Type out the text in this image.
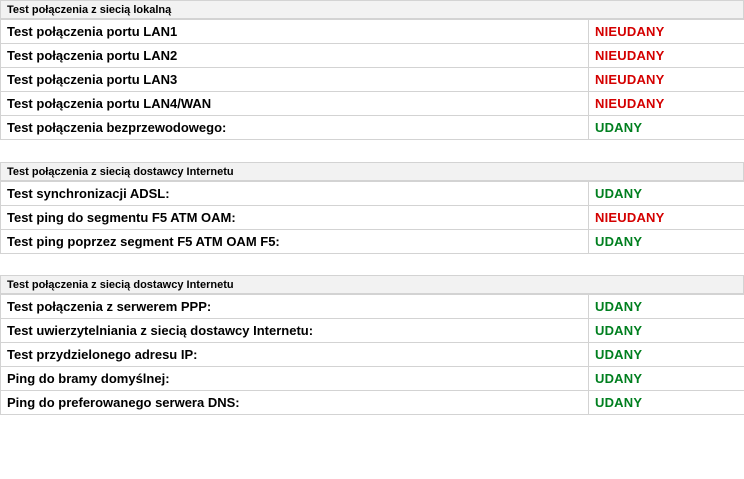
Test połączenia z siecią lokalną
Test połączenia portu LAN1	NIEUDANY
Test połączenia portu LAN2	NIEUDANY
Test połączenia portu LAN3	NIEUDANY
Test połączenia portu LAN4/WAN	NIEUDANY
Test połączenia bezprzewodowego:	UDANY
Test połączenia z siecią dostawcy Internetu
Test synchronizacji ADSL:	UDANY
Test ping do segmentu F5 ATM OAM:	NIEUDANY
Test ping poprzez segment F5 ATM OAM F5:	UDANY
Test połączenia z siecią dostawcy Internetu
Test połączenia z serwerem PPP:	UDANY
Test uwierzytelniania z siecią dostawcy Internetu:	UDANY
Test przydzielonego adresu IP:	UDANY
Ping do bramy domyślnej:	UDANY
Ping do preferowanego serwera DNS:	UDANY
